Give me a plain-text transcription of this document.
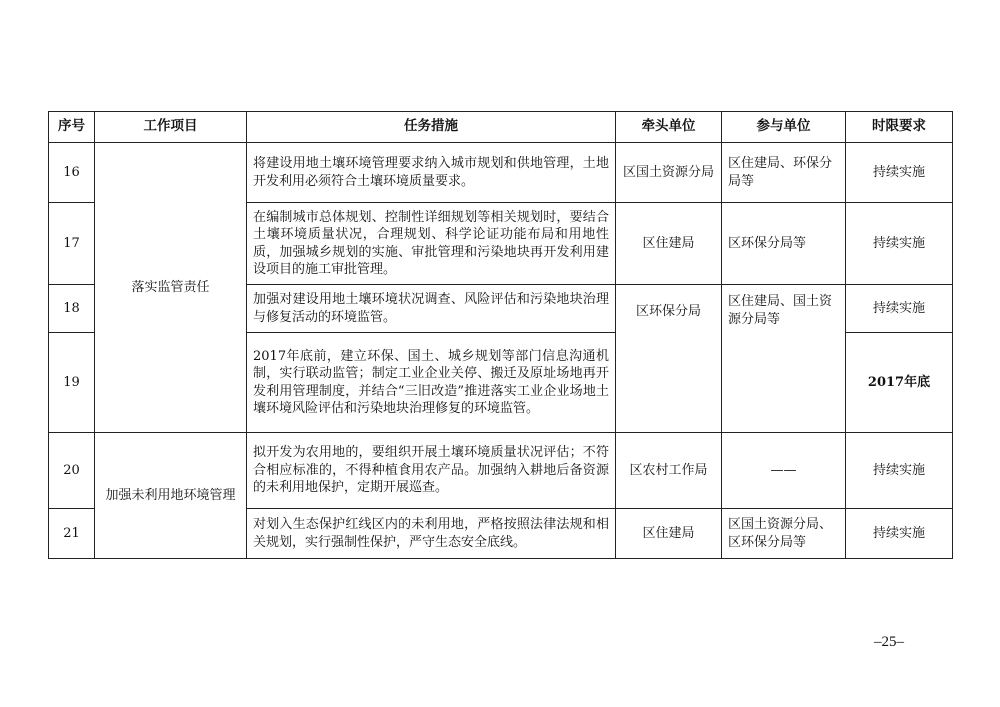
序号	工作项目	任务措施	牵头单位	参与单位	时限要求
16	落实监管责任	将建设用地土壤环境管理要求纳入城市规划和供地管理，土地开发利用必须符合土壤环境质量要求。	区国土资源分局	区住建局、环保分局等	持续实施
17		在编制城市总体规划、控制性详细规划等相关规划时，要结合土壤环境质量状况，合理规划、科学论证功能布局和用地性质，加强城乡规划的实施、审批管理和污染地块再开发利用建设项目的施工审批管理。	区住建局	区环保分局等	持续实施
18		加强对建设用地土壤环境状况调查、风险评估和污染地块治理与修复活动的环境监管。	区环保分局	区住建局、国土资源分局等	持续实施
19		2017年底前，建立环保、国土、城乡规划等部门信息沟通机制，实行联动监管；制定工业企业关停、搬迁及原址场地再开发利用管理制度，并结合“三旧改造”推进落实工业企业场地土壤环境风险评估和污染地块治理修复的环境监管。			2017年底
20	加强未利用地环境管理	拟开发为农用地的，要组织开展土壤环境质量状况评估；不符合相应标准的，不得种植食用农产品。加强纳入耕地后备资源的未利用地保护，定期开展巡查。	区农村工作局	——	持续实施
21		对划入生态保护红线区内的未利用地，严格按照法律法规和相关规划，实行强制性保护，严守生态安全底线。	区住建局	区国土资源分局、区环保分局等	持续实施
–25–
